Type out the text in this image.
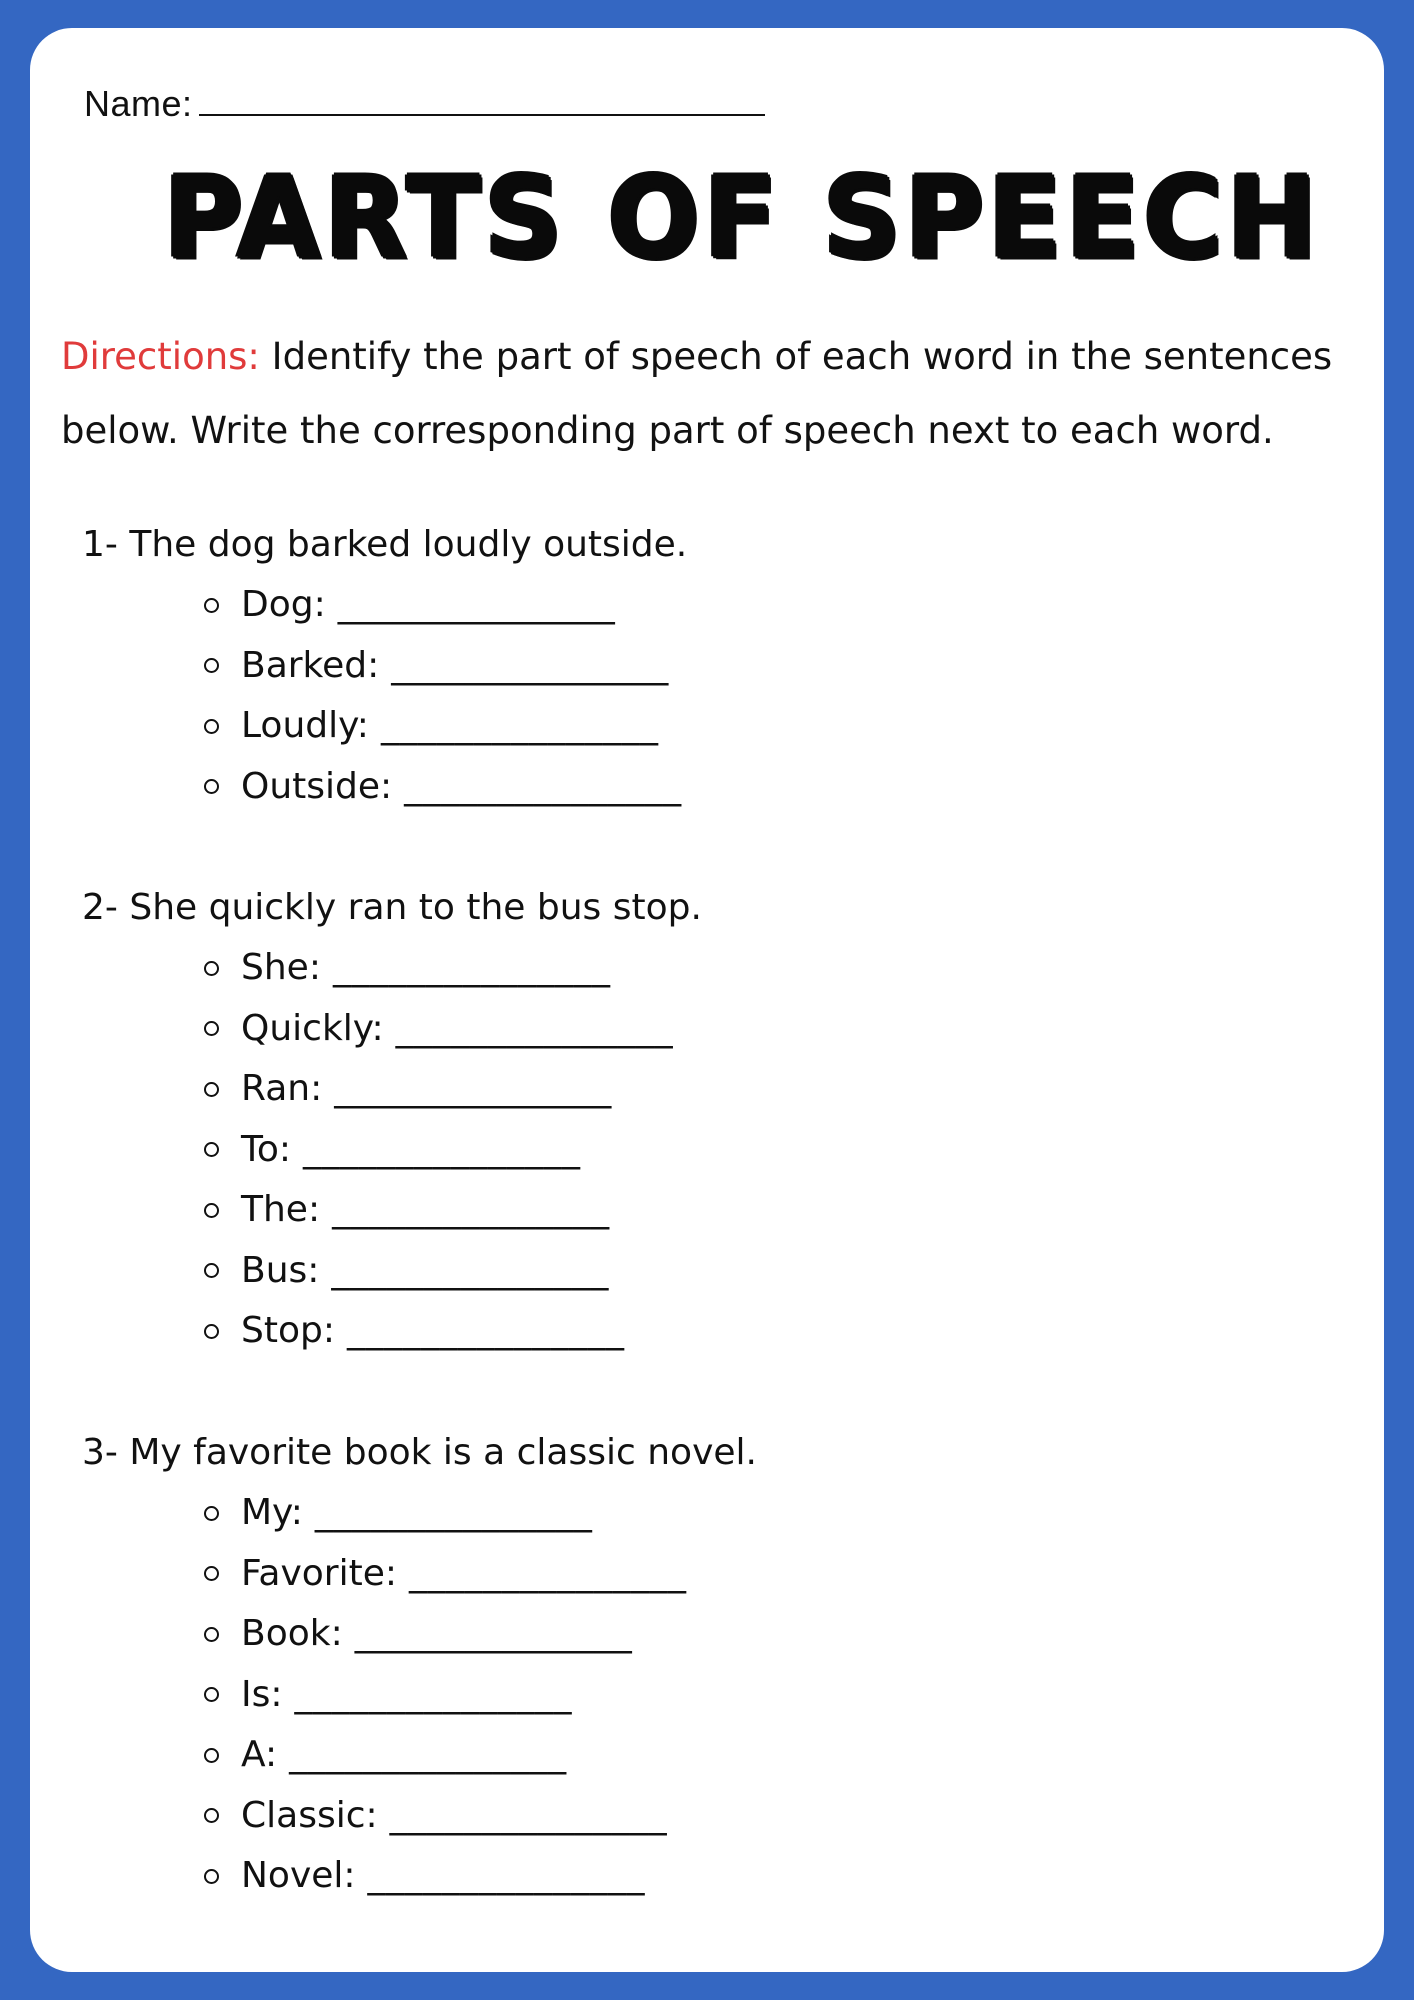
Name:
PARTS OF SPEECH
Directions: Identify the part of speech of each word in the sentences below. Write the corresponding part of speech next to each word.
1- The dog barked loudly outside.
Dog: _______________
Barked: _______________
Loudly: _______________
Outside: _______________
2- She quickly ran to the bus stop.
She: _______________
Quickly: _______________
Ran: _______________
To: _______________
The: _______________
Bus: _______________
Stop: _______________
3- My favorite book is a classic novel.
My: _______________
Favorite: _______________
Book: _______________
Is: _______________
A: _______________
Classic: _______________
Novel: _______________
